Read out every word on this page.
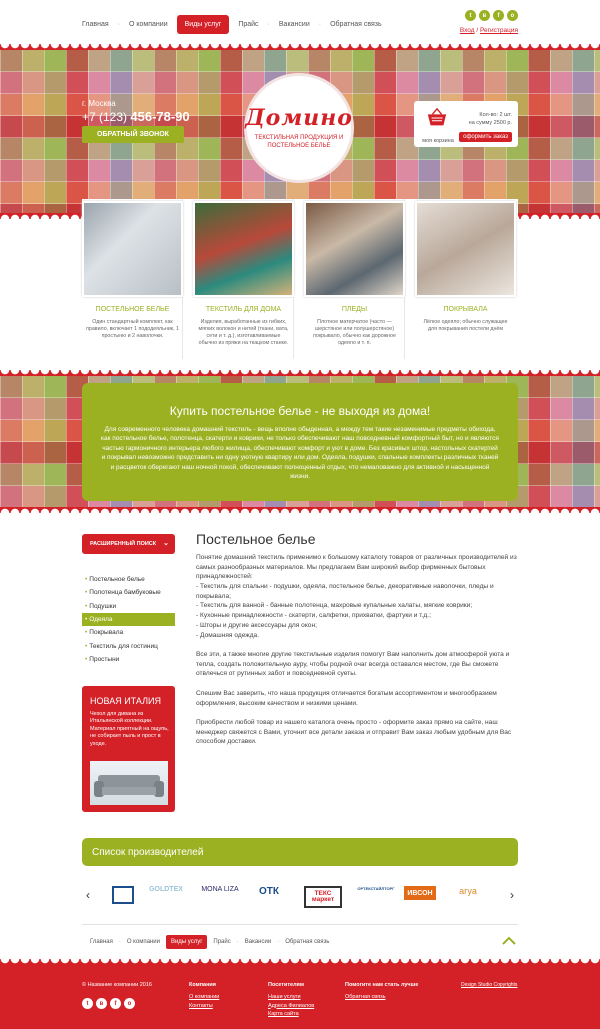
Главная · О компании	Виды услуг	Прайс · Вакансии · Обратная связь
t	в	f	о
Вход / Регистрация
г. Москва
+7 (123) 456-78-90
ОБРАТНЫЙ ЗВОНОК
Домино
ТЕКСТИЛЬНАЯ ПРОДУКЦИЯ И
ПОСТЕЛЬНОЕ БЕЛЬЕ
моя корзина
Кол-во: 2 шт.
на сумму 2500 р.
оформить заказ
ПОСТЕЛЬНОЕ БЕЛЬЕ
Один стандартный комплект, как правило, включает 1 пододеяльник, 1 простыню и 2 наволочки.
ТЕКСТИЛЬ ДЛЯ ДОМА
Изделия, выработанные из гибких, мягких волокон и нитей (ткани, вата, сети и т. д.), изготавливаемые обычно из пряжи на ткацком станке.
ПЛЕДЫ
Плотное матерчатое (часто — шерстяное или полушерстяное) покрывало, обычно как дорожное одеяло и т. п.
ПОКРЫВАЛА
Лёгкое одеяло; обычно служащее для покрывания постели днём
Купить постельное белье - не выходя из дома!
Для современного человека домашний текстиль - вещь вполне обыденная, а между тем такие незаменимые предметы обихода, как постельное белье, полотенца, скатерти и коврики, не только обеспечивают наш повседневный комфортный быт, но и являются частью гармоничного интерьера любого жилища, обеспечивают комфорт и уют в доме. Без красивых штор, настольных скатертей и покрывал невозможно представить ни одну уютную квартиру или дом. Одеяла, подушки, спальные комплекты различных тканей и расцветок оберегают наш ночной покой, обеспечивают полноценный отдых, что немаловажно для активной и насыщенной жизни.
РАСШИРЕННЫЙ ПОИСК ⌄
• Постельное белье
• Полотенца бамбуковые
• Подушки
• Одеяла
• Покрывала
• Текстиль для гостиниц
• Простыни
НОВАЯ ИТАЛИЯ
Чехол для дивана из Итальянской коллекции. Материал приятный на ощупь, не собирает пыль и прост в уходе.
Постельное белье
Понятие домашний текстиль применимо к большому каталогу товаров от различных производителей из самых разнообразных материалов. Мы предлагаем Вам широкий выбор фирменных бытовых принадлежностей:
- Текстиль для спальни - подушки, одеяла, постельное белье, декоративные наволочки, пледы и покрывала;
- Текстиль для ванной - банные полотенца, махровые купальные халаты, мягкие коврики;
- Кухонные принадлежности - скатерти, салфетки, прихватки, фартуки и т.д.;
- Шторы и другие аксессуары для окон;
- Домашняя одежда.
Все эти, а также многие другие текстильные изделия помогут Вам наполнить дом атмосферой уюта и тепла, создать положительную ауру, чтобы родной очаг всегда оставался местом, где Вы сможете отвлечься от рутинных забот и повседневной суеты.
Спешим Вас заверить, что наша продукция отличается богатым ассортиментом и многообразием оформления, высоким качеством и низкими ценами.
Приобрести любой товар из нашего каталога очень просто - оформите заказ прямо на сайте, наш менеджер свяжется с Вами, уточнит все детали заказа и отправит Вам заказ любым удобным для Вас способом доставки.
Список производителей
‹	›
GOLDTEX	MONA LIZA	ОТК	ТЕКС маркет
ОРТЕКСТАЙЛТОРГ
ИВСОН	агуа
Главная · О компании	Виды услуг	Прайс · Вакансии · Обратная связь
© Название компании 2016
t	в	f	о
Компания
О компании
Контакты
Посетителям
Наши услуги
Адреса Филиалов
Карта сайта
Помогите нам стать лучше
Обратная связь
Design Studio Copyrights
